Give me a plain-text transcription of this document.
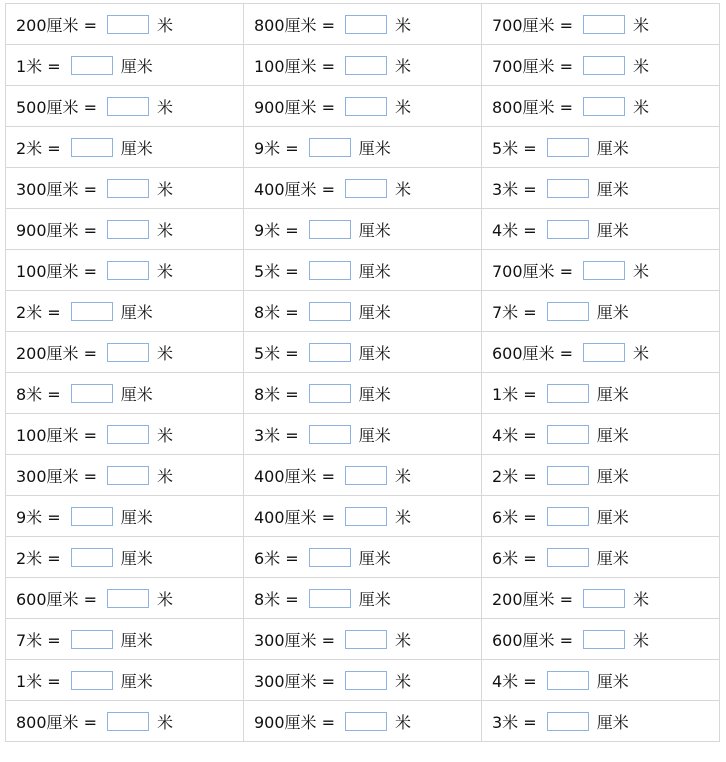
200厘米 = 米	800厘米 = 米	700厘米 = 米

1米 = 厘米	100厘米 = 米	700厘米 = 米

500厘米 = 米	900厘米 = 米	800厘米 = 米

2米 = 厘米	9米 = 厘米	5米 = 厘米

300厘米 = 米	400厘米 = 米	3米 = 厘米

900厘米 = 米	9米 = 厘米	4米 = 厘米

100厘米 = 米	5米 = 厘米	700厘米 = 米

2米 = 厘米	8米 = 厘米	7米 = 厘米

200厘米 = 米	5米 = 厘米	600厘米 = 米

8米 = 厘米	8米 = 厘米	1米 = 厘米

100厘米 = 米	3米 = 厘米	4米 = 厘米

300厘米 = 米	400厘米 = 米	2米 = 厘米

9米 = 厘米	400厘米 = 米	6米 = 厘米

2米 = 厘米	6米 = 厘米	6米 = 厘米

600厘米 = 米	8米 = 厘米	200厘米 = 米

7米 = 厘米	300厘米 = 米	600厘米 = 米

1米 = 厘米	300厘米 = 米	4米 = 厘米

800厘米 = 米	900厘米 = 米	3米 = 厘米
